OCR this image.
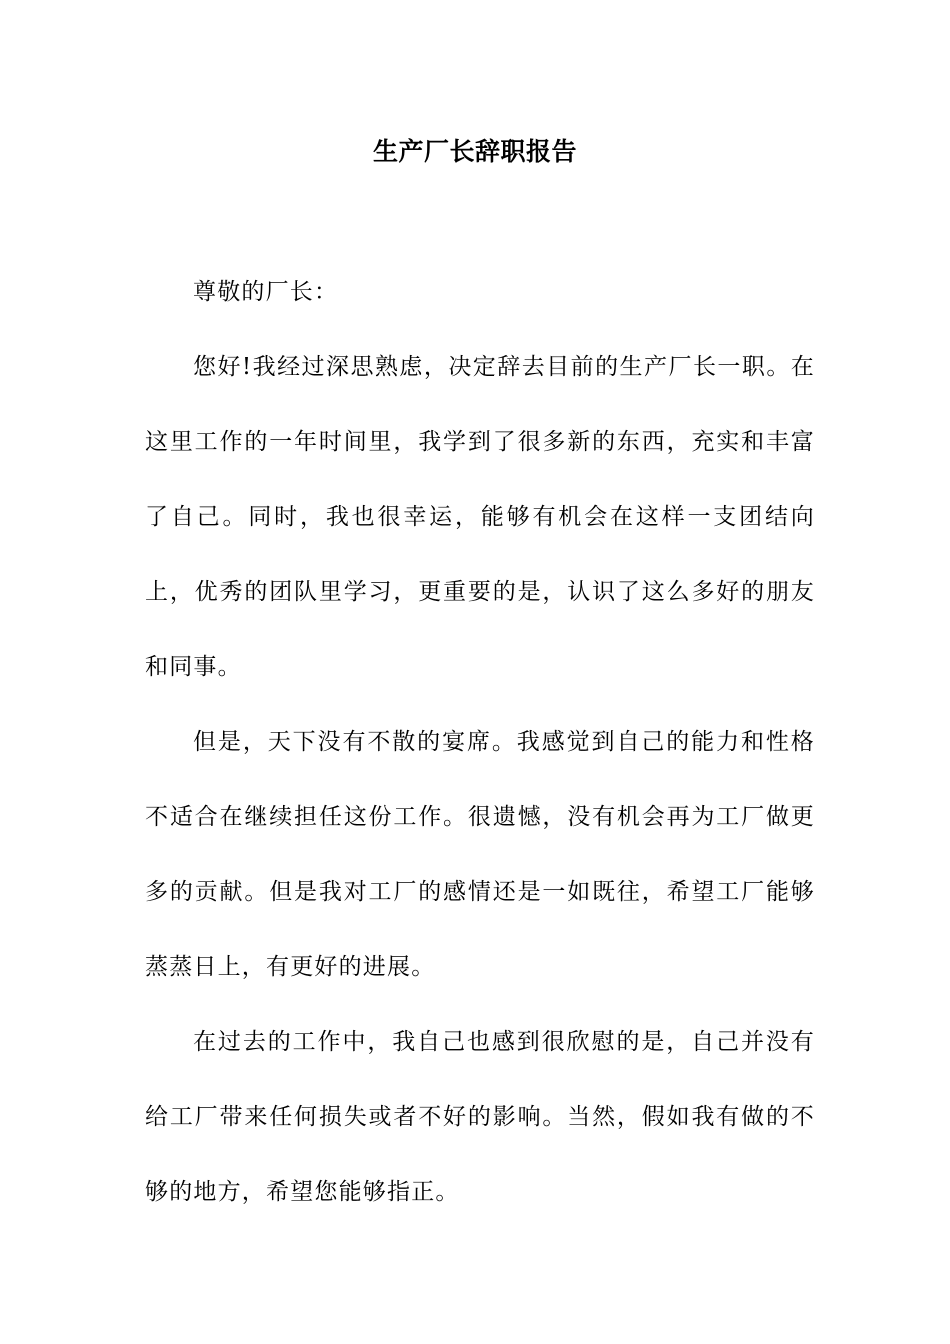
生产厂长辞职报告

尊敬的厂长：

您好!我经过深思熟虑，决定辞去目前的生产厂长一职。在这里工作的一年时间里，我学到了很多新的东西，充实和丰富了自己。同时，我也很幸运，能够有机会在这样一支团结向上，优秀的团队里学习，更重要的是，认识了这么多好的朋友和同事。

但是，天下没有不散的宴席。我感觉到自己的能力和性格不适合在继续担任这份工作。很遗憾，没有机会再为工厂做更多的贡献。但是我对工厂的感情还是一如既往，希望工厂能够蒸蒸日上，有更好的进展。

在过去的工作中，我自己也感到很欣慰的是，自己并没有给工厂带来任何损失或者不好的影响。当然，假如我有做的不够的地方，希望您能够指正。
